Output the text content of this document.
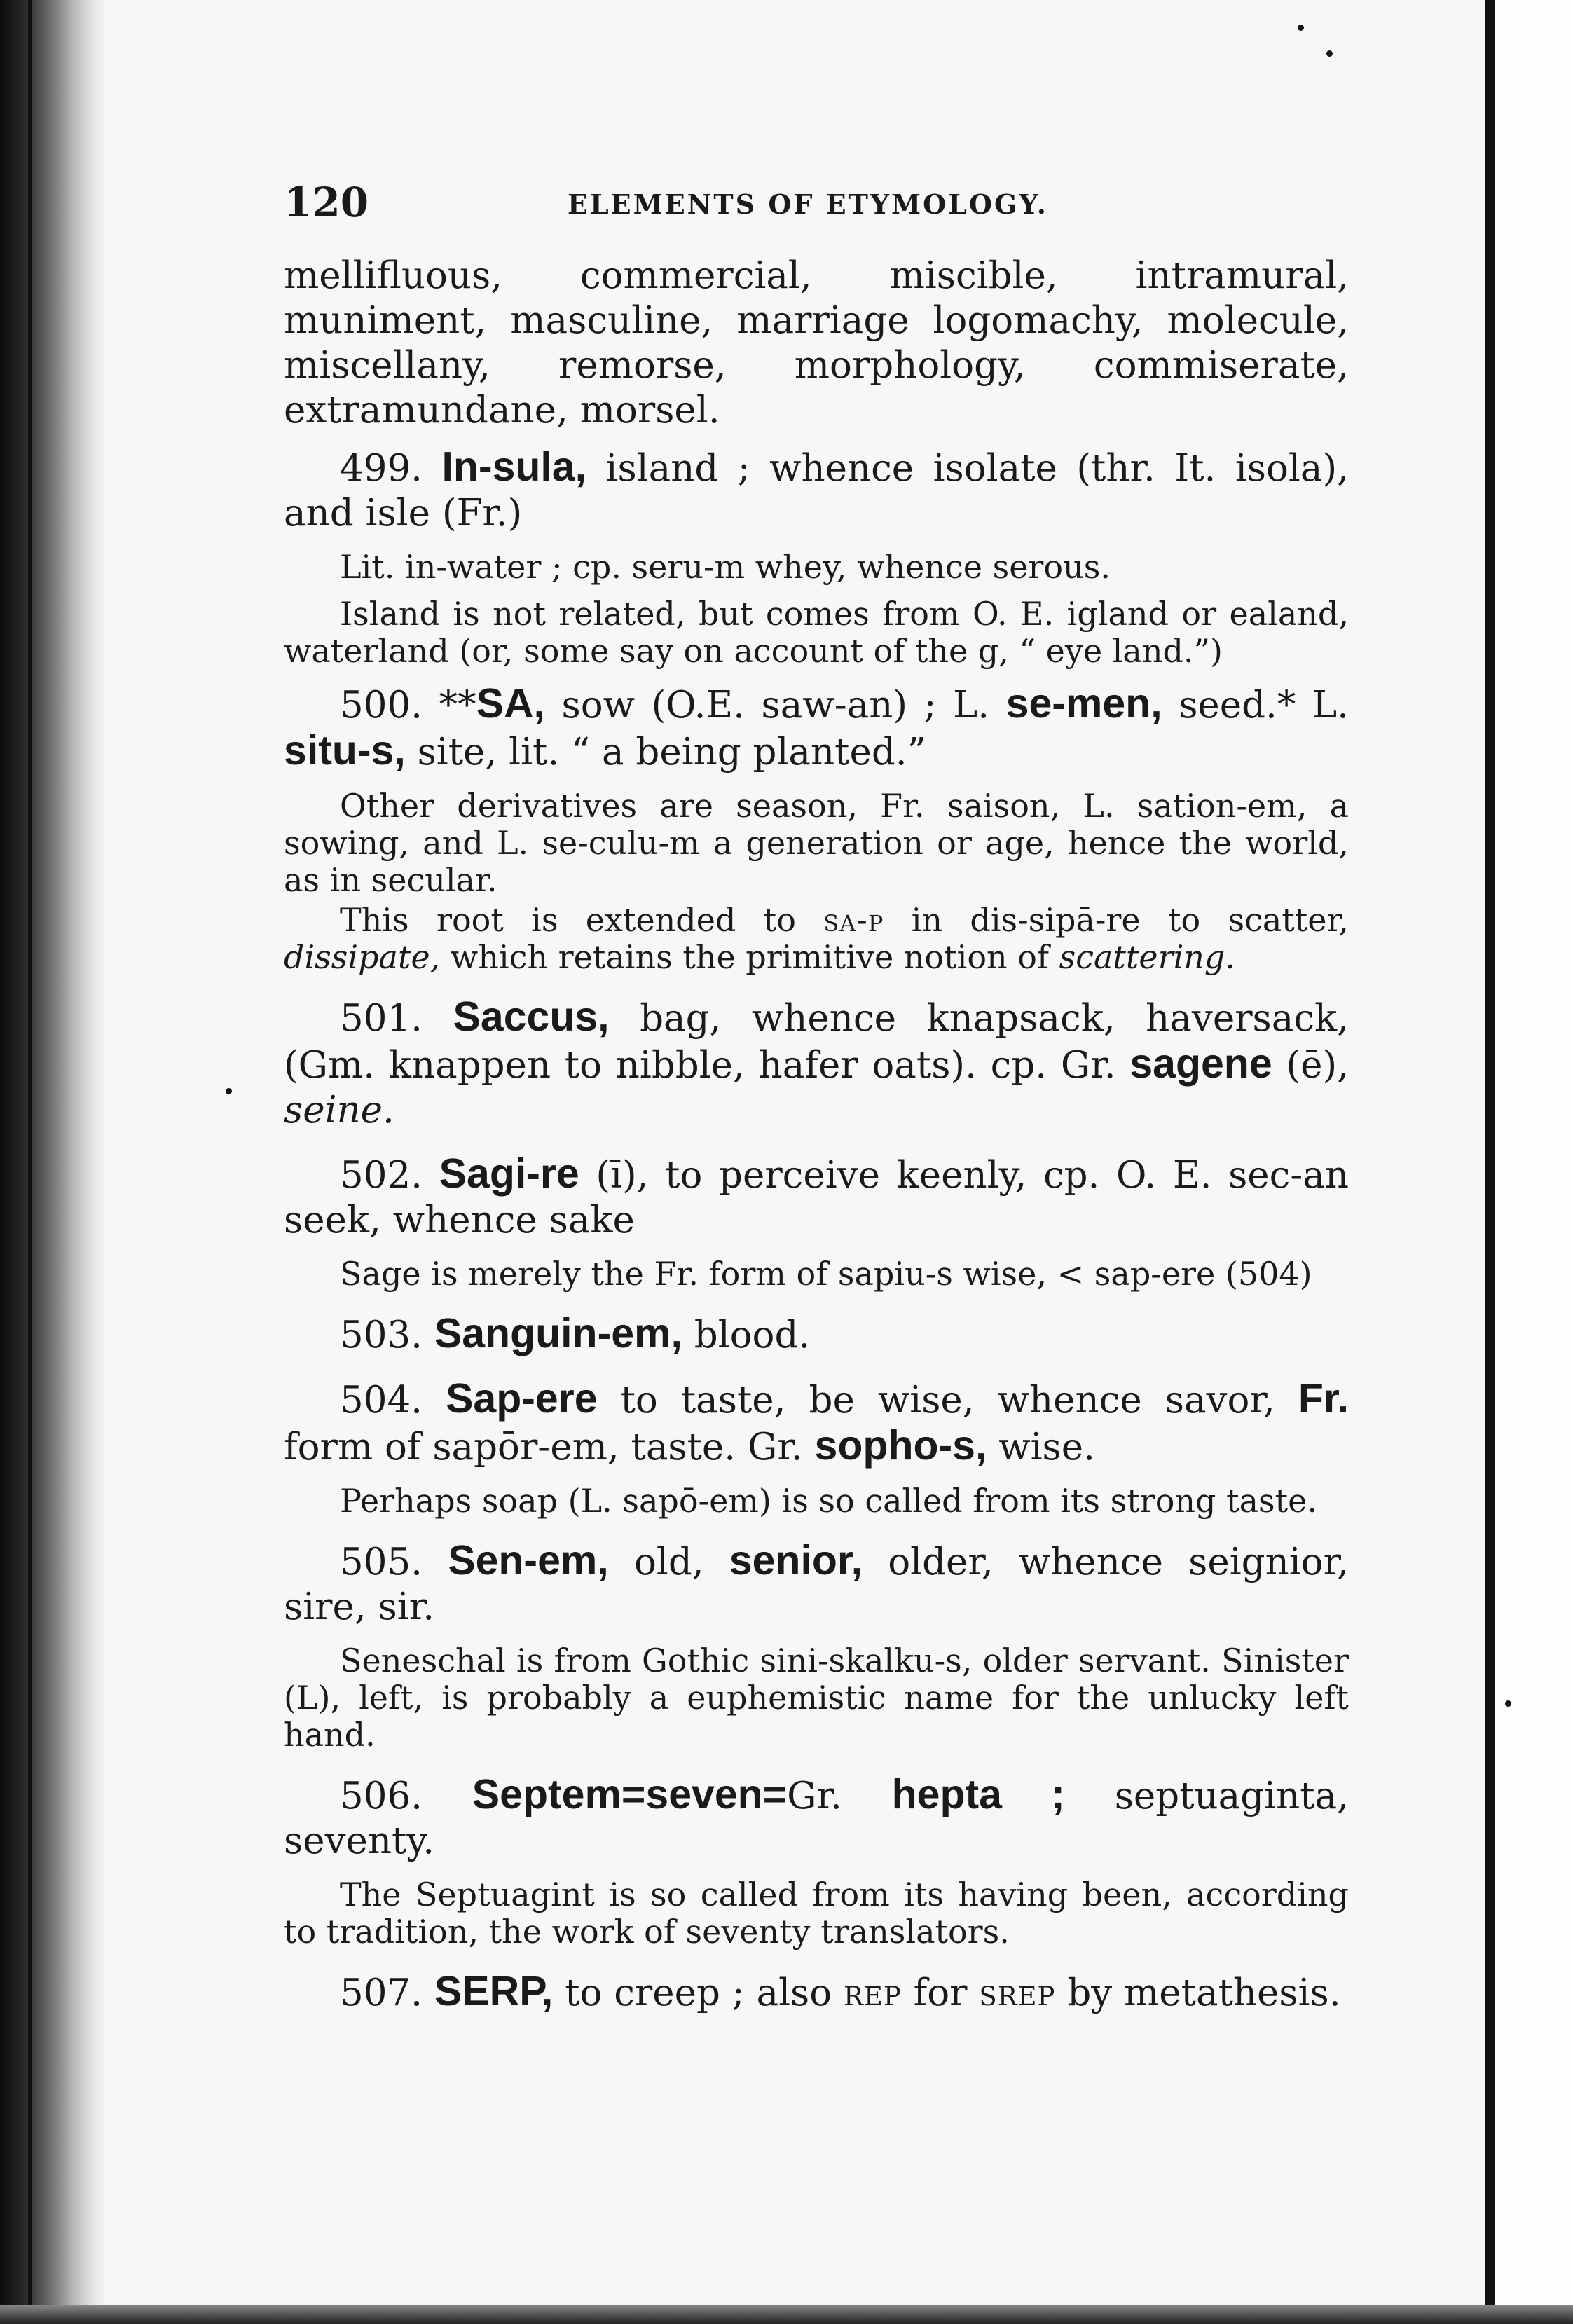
120	ELEMENTS OF ETYMOLOGY.
mellifluous, commercial, miscible, intramural, muniment, masculine, marriage logomachy, molecule, miscellany, remorse, morphology, commiserate, extramundane, morsel.
499. In-sula, island ; whence isolate (thr. It. isola), and isle (Fr.)
Lit. in-water ; cp. seru-m whey, whence serous.
Island is not related, but comes from O. E. igland or ealand, waterland (or, some say on account of the g, “ eye land.”)
500. **SA, sow (O.E. saw-an) ; L. se-men, seed.* L. situ-s, site, lit. “ a being planted.”
Other derivatives are season, Fr. saison, L. sation-em, a sowing, and L. se-culu-m a generation or age, hence the world, as in secular.
This root is extended to sa-p in dis-sipā-re to scatter, dissipate, which retains the primitive notion of scattering.
501. Saccus, bag, whence knapsack, haversack, (Gm. knappen to nibble, hafer oats). cp. Gr. sagene (ē), seine.
502. Sagi-re (ī), to perceive keenly, cp. O. E. sec-an seek, whence sake
Sage is merely the Fr. form of sapiu-s wise, < sap-ere (504)
503. Sanguin-em, blood.
504. Sap-ere to taste, be wise, whence savor, Fr. form of sapōr-em, taste. Gr. sopho-s, wise.
Perhaps soap (L. sapō-em) is so called from its strong taste.
505. Sen-em, old, senior, older, whence seignior, sire, sir.
Seneschal is from Gothic sini-skalku-s, older servant. Sinister (L), left, is probably a euphemistic name for the unlucky left hand.
506. Septem=seven=Gr. hepta ; septuaginta, seventy.
The Septuagint is so called from its having been, according to tradition, the work of seventy translators.
507. SERP, to creep ; also rep for srep by metathesis.
